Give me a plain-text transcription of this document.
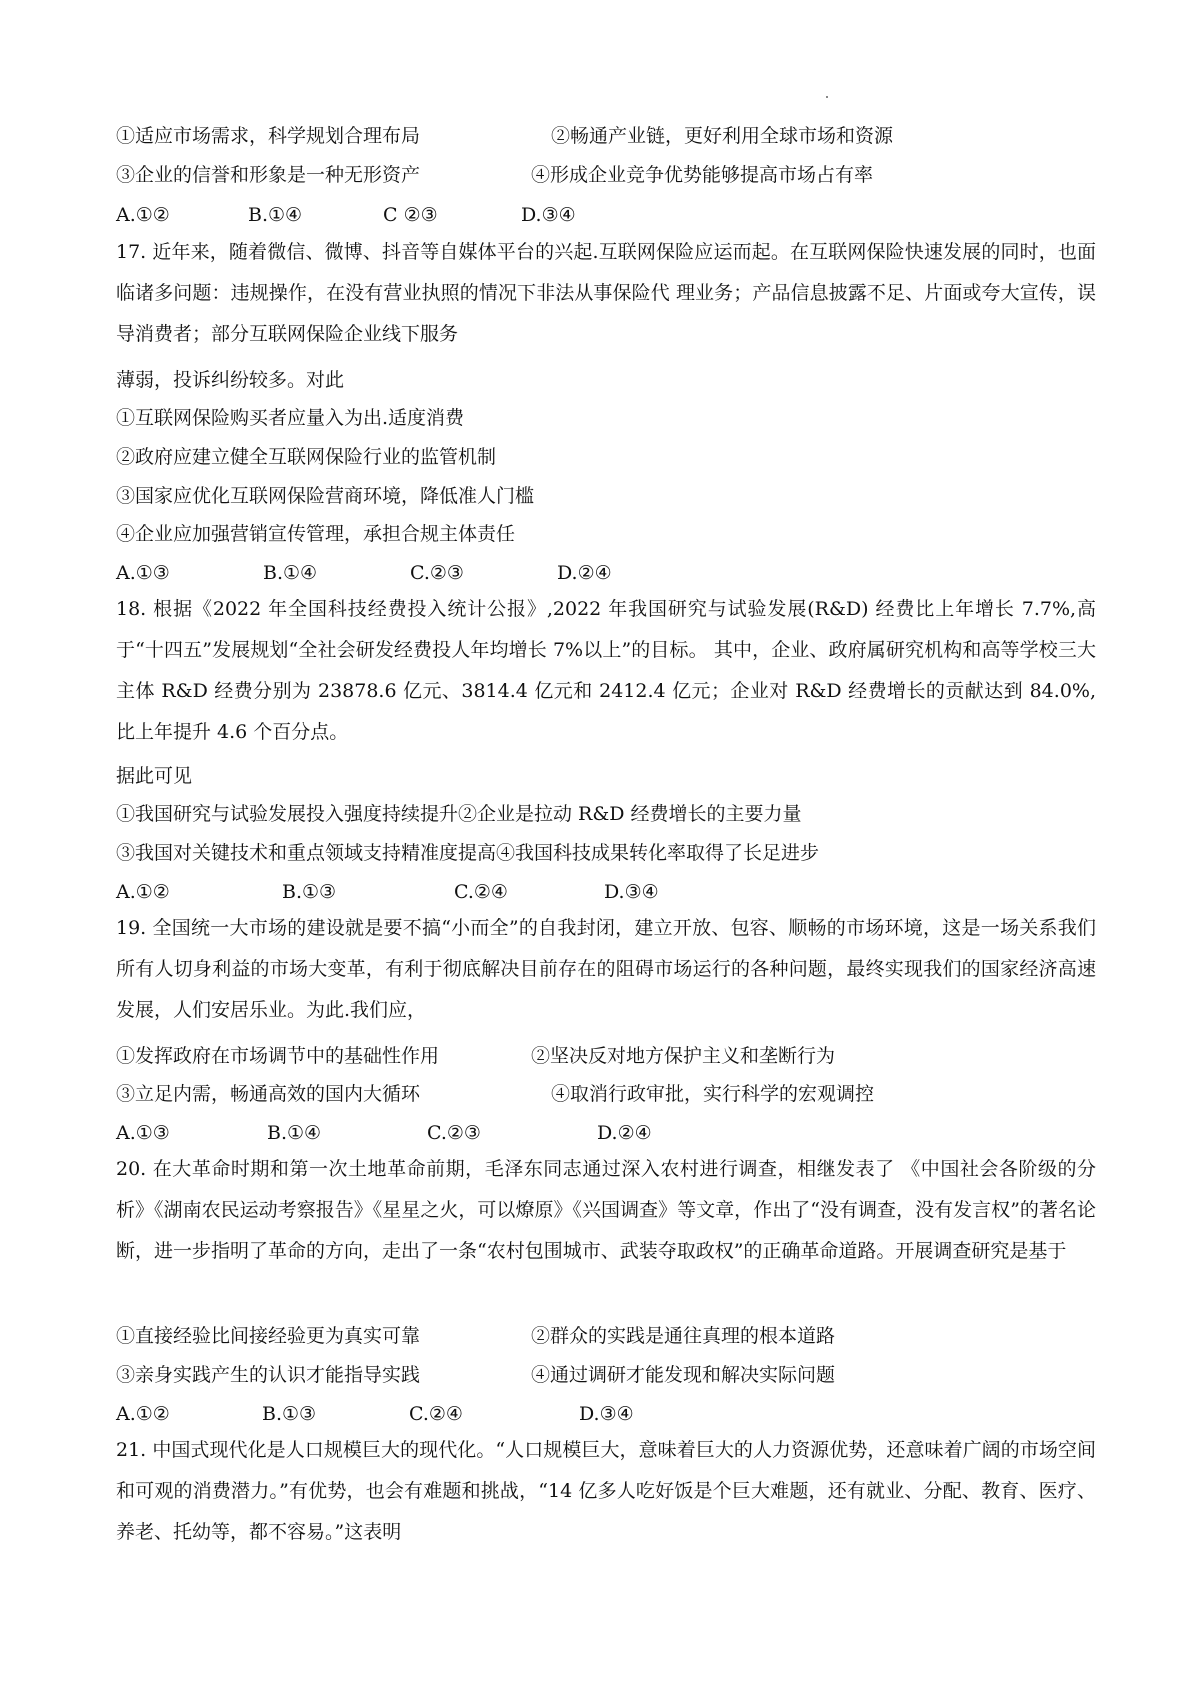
①适应市场需求，科学规划合理布局	②畅通产业链，更好利用全球市场和资源
③企业的信誉和形象是一种无形资产	④形成企业竞争优势能够提高市场占有率
A.①②	B.①④	C ②③	D.③④
17. 近年来，随着微信、微博、抖音等自媒体平台的兴起.互联网保险应运而起。在互联网保险快速发展的同时，也面临诸多问题：违规操作，在没有营业执照的情况下非法从事保险代 理业务；产品信息披露不足、片面或夸大宣传，误导消费者；部分互联网保险企业线下服务
薄弱，投诉纠纷较多。对此
①互联网保险购买者应量入为出.适度消费
②政府应建立健全互联网保险行业的监管机制
③国家应优化互联网保险营商环境，降低准人门槛
④企业应加强营销宣传管理，承担合规主体责任
A.①③	B.①④	C.②③	D.②④
18. 根据《2022 年全国科技经费投入统计公报》,2022 年我国研究与试验发展(R&D) 经费比上年增长 7.7%,高于“十四五”发展规划“全社会研发经费投人年均增长 7%以上”的目标。 其中，企业、政府属研究机构和高等学校三大主体 R&D 经费分别为 23878.6 亿元、3814.4 亿元和 2412.4 亿元；企业对 R&D 经费增长的贡献达到 84.0%,比上年提升 4.6 个百分点。
据此可见
①我国研究与试验发展投入强度持续提升②企业是拉动 R&D 经费增长的主要力量
③我国对关键技术和重点领域支持精准度提高④我国科技成果转化率取得了长足进步
A.①②	B.①③	C.②④	D.③④
19. 全国统一大市场的建设就是要不搞“小而全”的自我封闭，建立开放、包容、顺畅的市场环境，这是一场关系我们所有人切身利益的市场大变革，有利于彻底解决目前存在的阻碍市场运行的各种问题，最终实现我们的国家经济高速发展，人们安居乐业。为此.我们应，
①发挥政府在市场调节中的基础性作用	②坚决反对地方保护主义和垄断行为
③立足内需，畅通高效的国内大循环	④取消行政审批，实行科学的宏观调控
A.①③	B.①④	C.②③	D.②④
20. 在大革命时期和第一次土地革命前期，毛泽东同志通过深入农村进行调查，相继发表了 《中国社会各阶级的分析》《湖南农民运动考察报告》《星星之火，可以燎原》《兴国调查》等文章，作出了“没有调查，没有发言权”的著名论断，进一步指明了革命的方向，走出了一条“农村包围城市、武装夺取政权”的正确革命道路。开展调查研究是基于
①直接经验比间接经验更为真实可靠	②群众的实践是通往真理的根本道路
③亲身实践产生的认识才能指导实践	④通过调研才能发现和解决实际问题
A.①②	B.①③	C.②④	D.③④
21. 中国式现代化是人口规模巨大的现代化。“人口规模巨大，意味着巨大的人力资源优势，还意味着广阔的市场空间和可观的消费潜力。”有优势，也会有难题和挑战，“14 亿多人吃好饭是个巨大难题，还有就业、分配、教育、医疗、养老、托幼等，都不容易。”这表明
